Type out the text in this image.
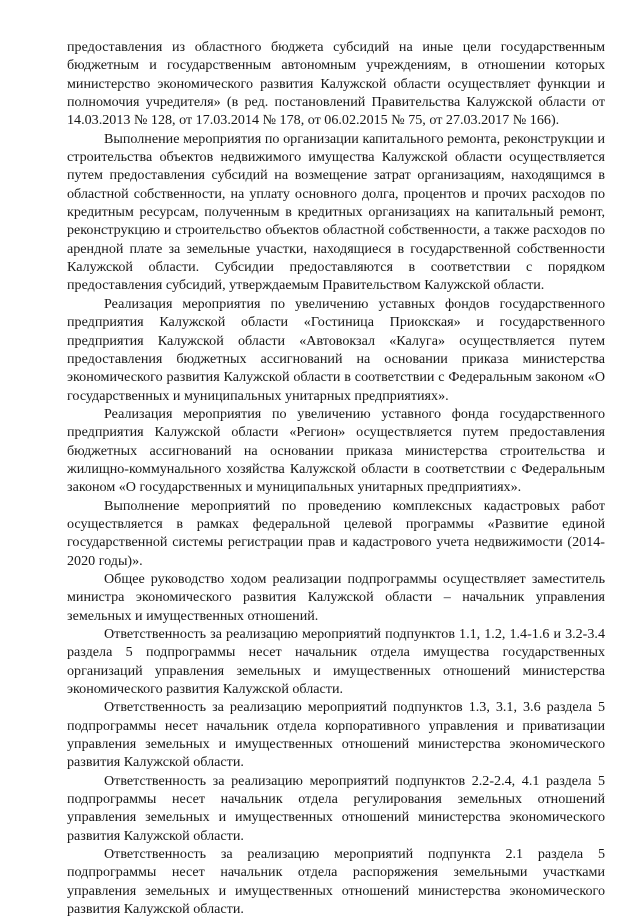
предоставления из областного бюджета субсидий на иные цели государственным бюджетным и государственным автономным учреждениям, в отношении которых министерство экономического развития Калужской области осуществляет функции и полномочия учредителя» (в ред. постановлений Правительства Калужской области от 14.03.2013 № 128, от 17.03.2014 № 178, от 06.02.2015 № 75, от 27.03.2017 № 166).

Выполнение мероприятия по организации капитального ремонта, реконструкции и строительства объектов недвижимого имущества Калужской области осуществляется путем предоставления субсидий на возмещение затрат организациям, находящимся в областной собственности, на уплату основного долга, процентов и прочих расходов по кредитным ресурсам, полученным в кредитных организациях на капитальный ремонт, реконструкцию и строительство объектов областной собственности, а также расходов по арендной плате за земельные участки, находящиеся в государственной собственности Калужской области. Субсидии предоставляются в соответствии с порядком предоставления субсидий, утверждаемым Правительством Калужской области.

Реализация мероприятия по увеличению уставных фондов государственного предприятия Калужской области «Гостиница Приокская» и государственного предприятия Калужской области «Автовокзал «Калуга» осуществляется путем предоставления бюджетных ассигнований на основании приказа министерства экономического развития Калужской области в соответствии с Федеральным законом «О государственных и муниципальных унитарных предприятиях».

Реализация мероприятия по увеличению уставного фонда государственного предприятия Калужской области «Регион» осуществляется путем предоставления бюджетных ассигнований на основании приказа министерства строительства и жилищно-коммунального хозяйства Калужской области в соответствии с Федеральным законом «О государственных и муниципальных унитарных предприятиях».

Выполнение мероприятий по проведению комплексных кадастровых работ осуществляется в рамках федеральной целевой программы «Развитие единой государственной системы регистрации прав и кадастрового учета недвижимости (2014-2020 годы)».

Общее руководство ходом реализации подпрограммы осуществляет заместитель министра экономического развития Калужской области – начальник управления земельных и имущественных отношений.

Ответственность за реализацию мероприятий подпунктов 1.1, 1.2, 1.4-1.6 и 3.2-3.4 раздела 5 подпрограммы несет начальник отдела имущества государственных организаций управления земельных и имущественных отношений министерства экономического развития Калужской области.

Ответственность за реализацию мероприятий подпунктов 1.3, 3.1, 3.6 раздела 5 подпрограммы несет начальник отдела корпоративного управления и приватизации управления земельных и имущественных отношений министерства экономического развития Калужской области.

Ответственность за реализацию мероприятий подпунктов 2.2-2.4, 4.1 раздела 5 подпрограммы несет начальник отдела регулирования земельных отношений управления земельных и имущественных отношений министерства экономического развития Калужской области.

Ответственность за реализацию мероприятий подпункта 2.1 раздела 5 подпрограммы несет начальник отдела распоряжения земельными участками управления земельных и имущественных отношений министерства экономического развития Калужской области.
